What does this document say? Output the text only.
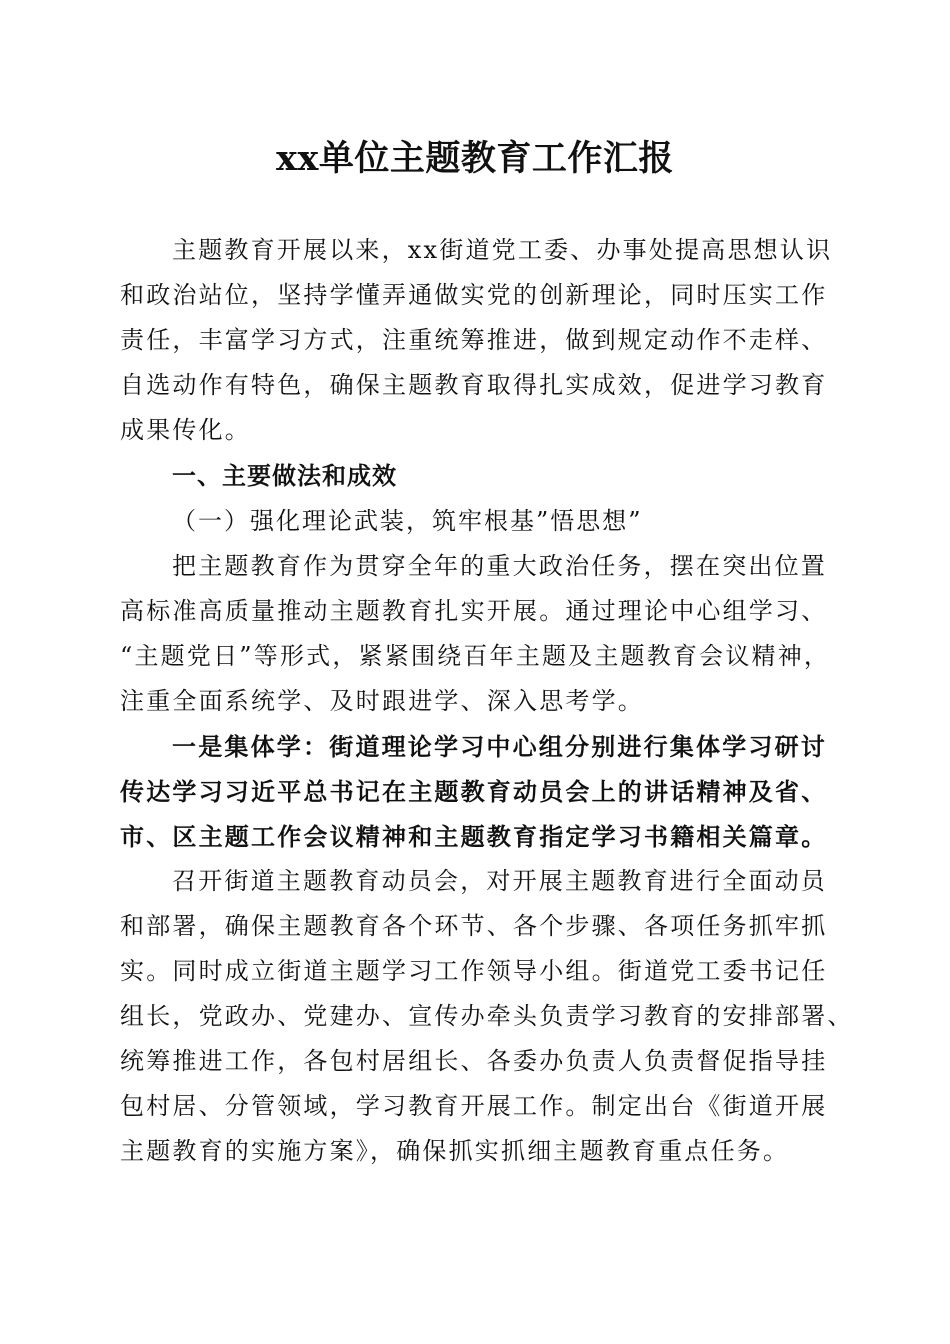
xx单位主题教育工作汇报
主题教育开展以来，xx街道党工委、办事处提高思想认识
和政治站位，坚持学懂弄通做实党的创新理论，同时压实工作
责任，丰富学习方式，注重统筹推进，做到规定动作不走样、
自选动作有特色，确保主题教育取得扎实成效，促进学习教育
成果传化。
一、主要做法和成效
（一）强化理论武装，筑牢根基”悟思想”
把主题教育作为贯穿全年的重大政治任务，摆在突出位置
高标准高质量推动主题教育扎实开展。通过理论中心组学习、
“主题党日”等形式，紧紧围绕百年主题及主题教育会议精神，
注重全面系统学、及时跟进学、深入思考学。
一是集体学：街道理论学习中心组分别进行集体学习研讨
传达学习习近平总书记在主题教育动员会上的讲话精神及省、
市、区主题工作会议精神和主题教育指定学习书籍相关篇章。
召开街道主题教育动员会，对开展主题教育进行全面动员
和部署，确保主题教育各个环节、各个步骤、各项任务抓牢抓
实。同时成立街道主题学习工作领导小组。街道党工委书记任
组长，党政办、党建办、宣传办牵头负责学习教育的安排部署、
统筹推进工作，各包村居组长、各委办负责人负责督促指导挂
包村居、分管领域，学习教育开展工作。制定出台《街道开展
主题教育的实施方案》，确保抓实抓细主题教育重点任务。
